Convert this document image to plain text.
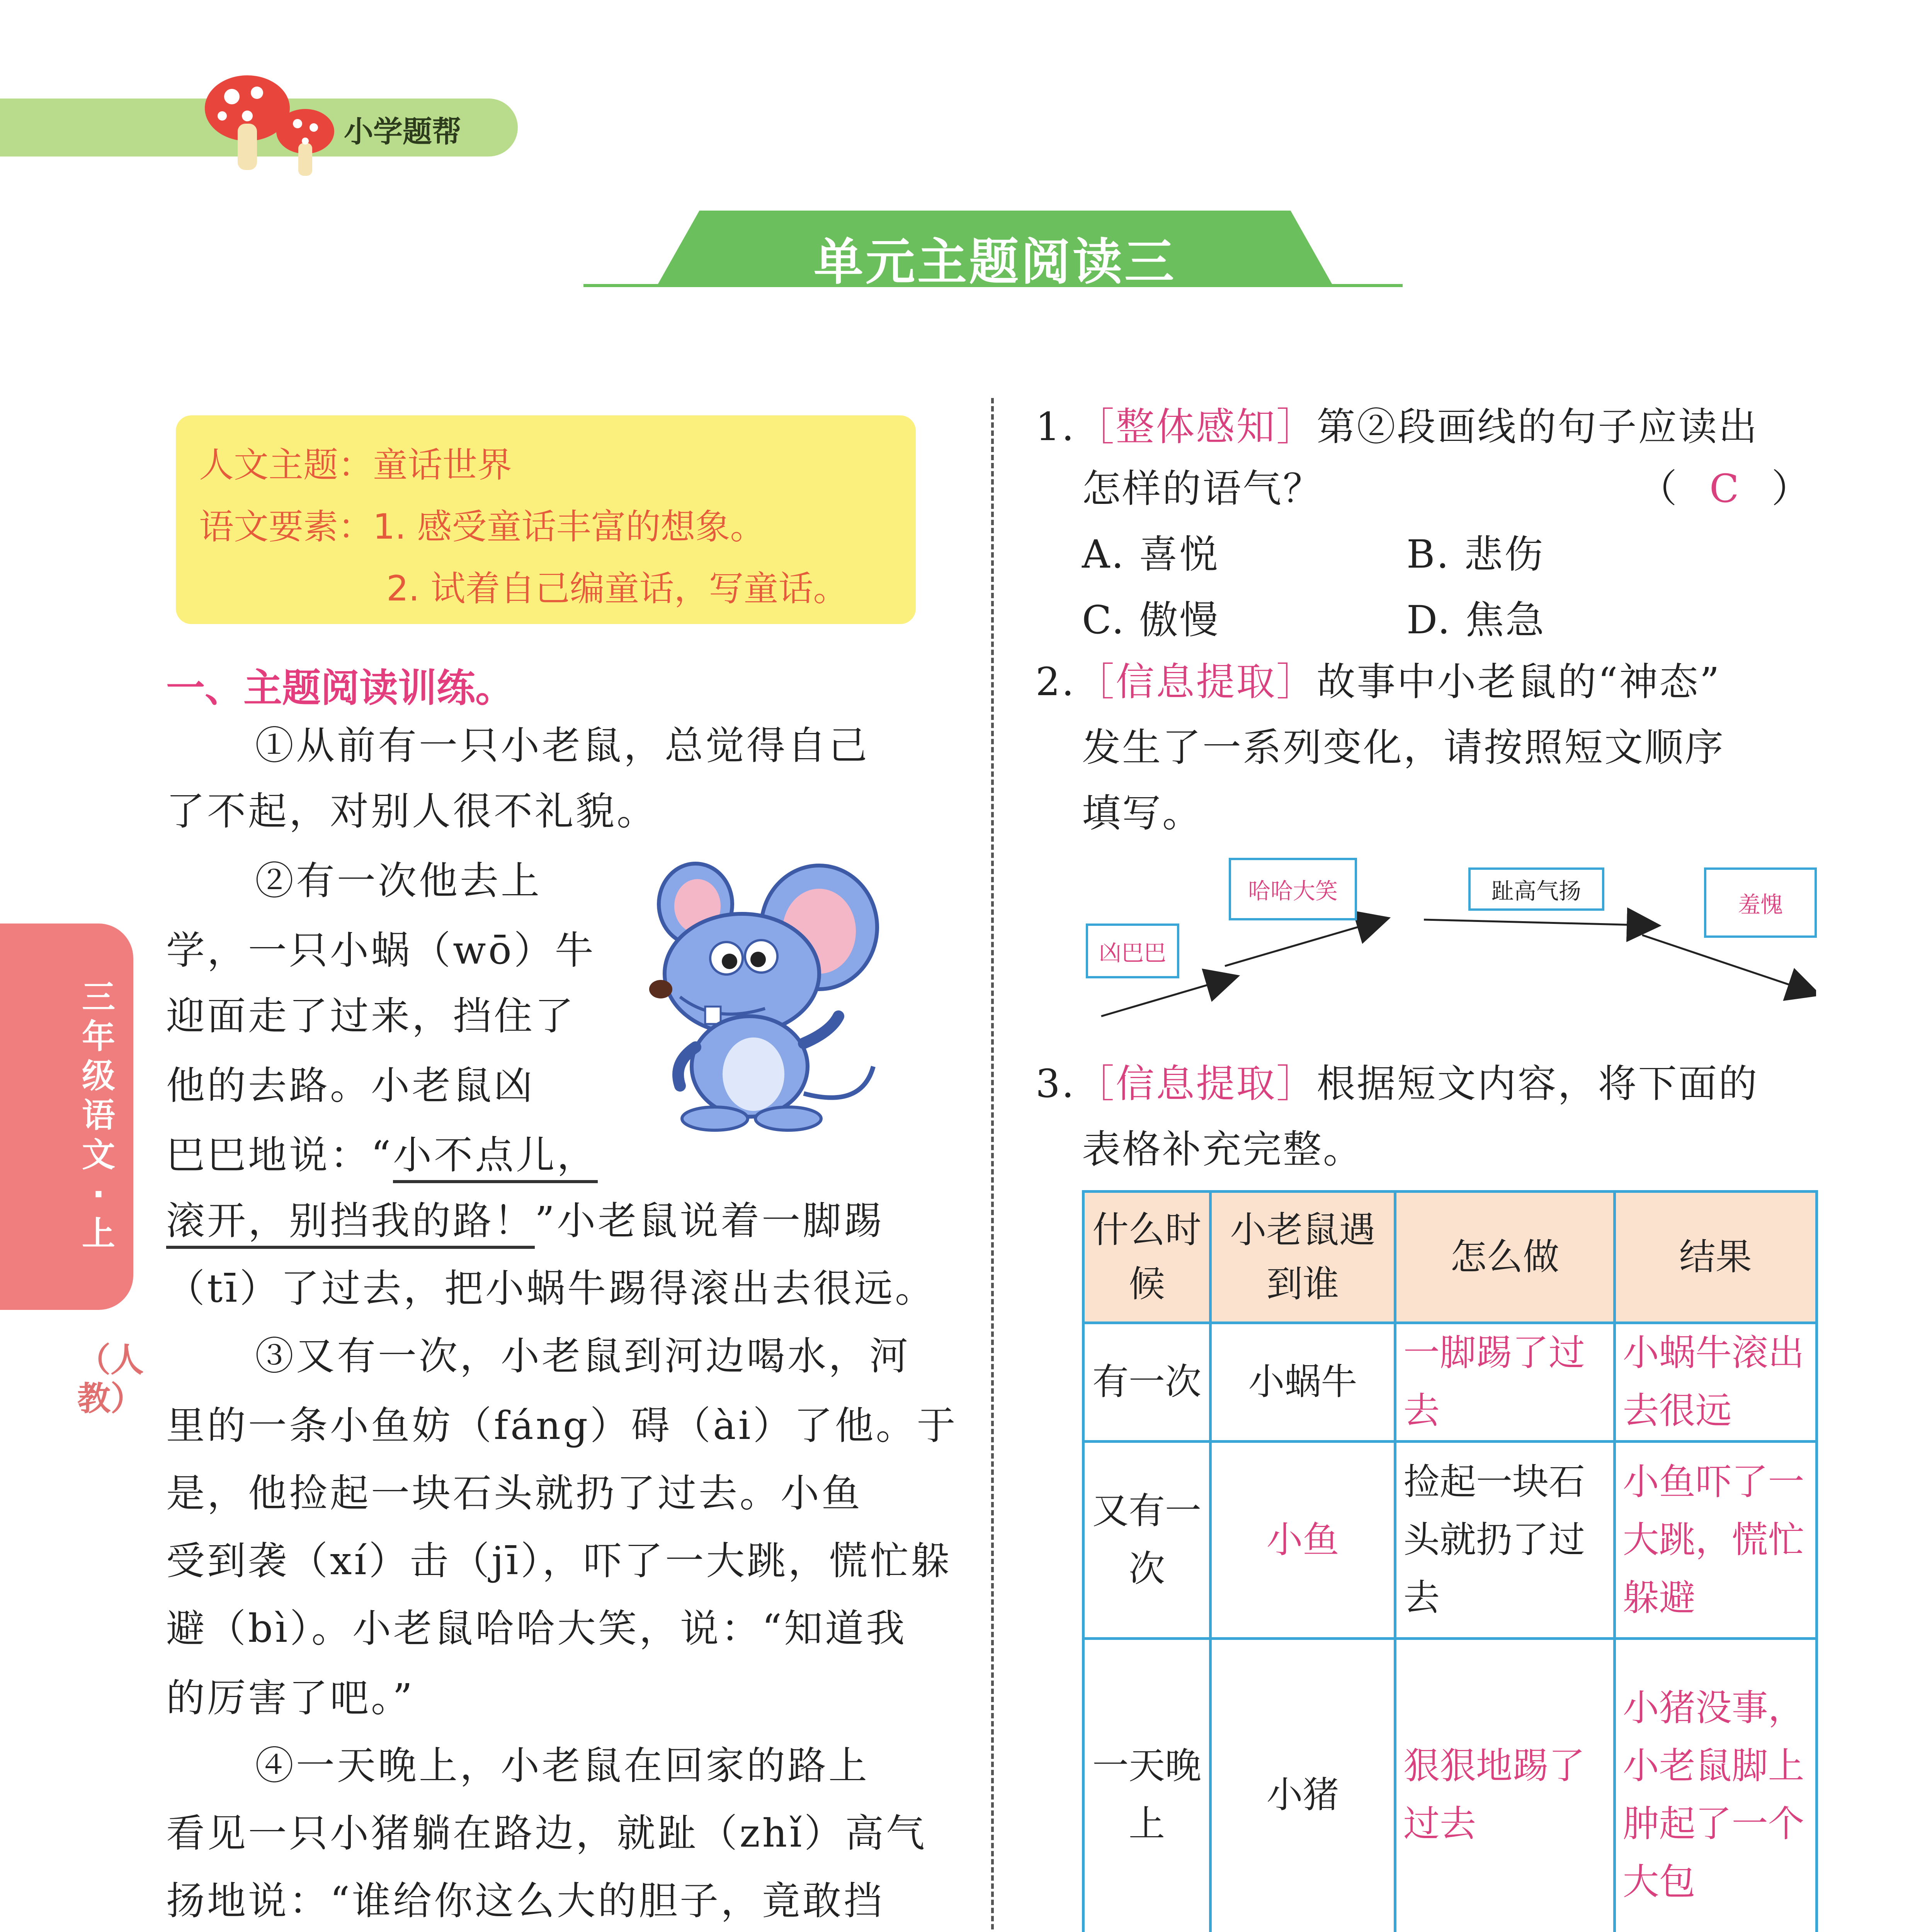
小学题帮
单元主题阅读三
三年级语文·上
（人教）
人文主题：童话世界
语文要素：1. 感受童话丰富的想象。
2. 试着自己编童话，写童话。
一、主题阅读训练。
①从前有一只小老鼠，总觉得自己
了不起，对别人很不礼貌。
②有一次他去上
学，一只小蜗（wō）牛
迎面走了过来，挡住了
他的去路。小老鼠凶
巴巴地说：“小不点儿，
滚开，别挡我的路！”小老鼠说着一脚踢
（tī）了过去，把小蜗牛踢得滚出去很远。
③又有一次，小老鼠到河边喝水，河
里的一条小鱼妨（fáng）碍（ài）了他。于
是，他捡起一块石头就扔了过去。小鱼
受到袭（xí）击（jī），吓了一大跳，慌忙躲
避（bì）。小老鼠哈哈大笑，说：“知道我
的厉害了吧。”
④一天晚上，小老鼠在回家的路上
看见一只小猪躺在路边，就趾（zhǐ）高气
扬地说：“谁给你这么大的胆子，竟敢挡
1.［整体感知］第②段画线的句子应读出
怎样的语气？	（ C ）
A. 喜悦	B. 悲伤
C. 傲慢	D. 焦急
2.［信息提取］故事中小老鼠的“神态”
发生了一系列变化，请按照短文顺序
填写。
凶巴巴
哈哈大笑	趾高气扬
羞愧
3.［信息提取］根据短文内容，将下面的
表格补充完整。
什么时候	小老鼠遇到谁	怎么做	结果
有一次	小蜗牛	一脚踢了过去	小蜗牛滚出去很远
又有一次	小鱼	捡起一块石头就扔了过去	小鱼吓了一大跳，慌忙躲避
一天晚上	小猪	狠狠地踢了过去	小猪没事，小老鼠脚上肿起了一个大包
